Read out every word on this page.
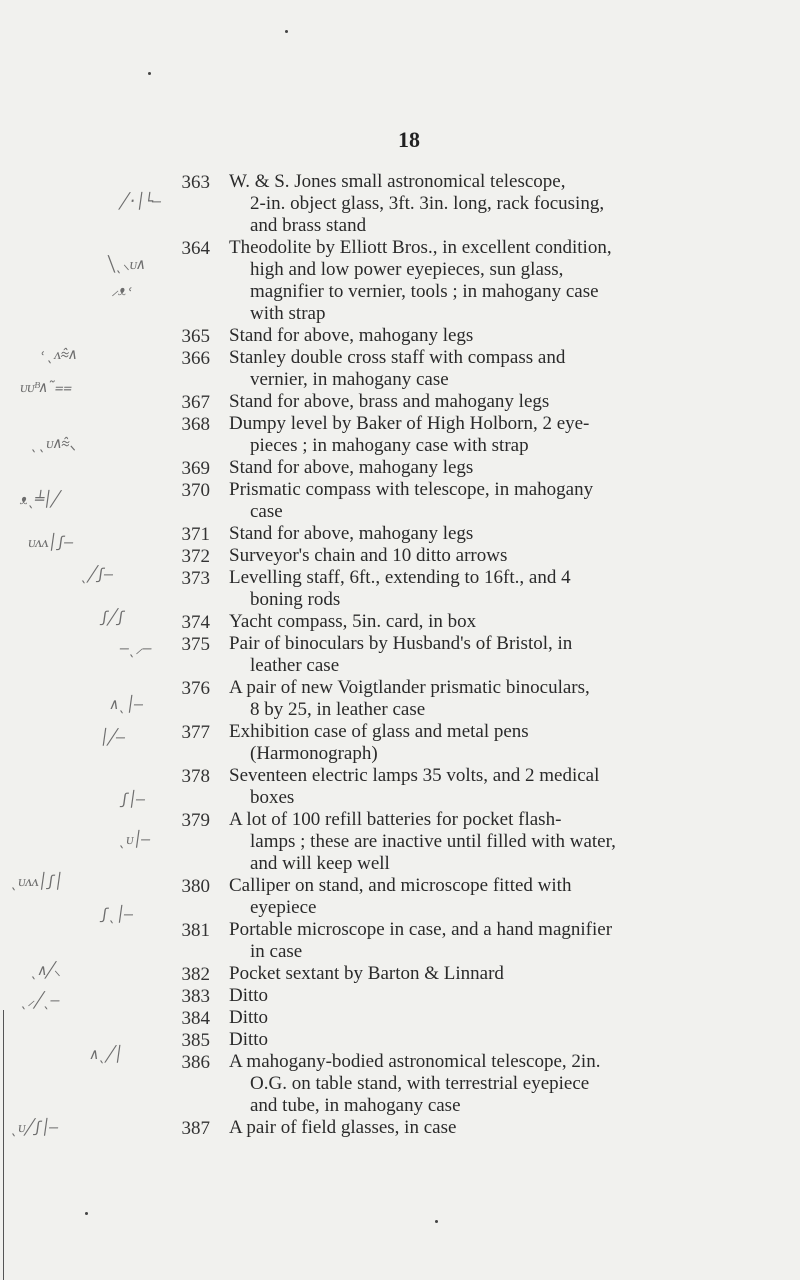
18
363
364
365
366
367
368
369
370
371
372
373
374
375
376
377
378
379
380
381
382
383
384
385
386
387
W. & S. Jones small astronomical telescope,
2-in. object glass, 3ft. 3in. long, rack focusing,
and brass stand
Theodolite by Elliott Bros., in excellent condition,
high and low power eyepieces, sun glass,
magnifier to vernier, tools ; in mahogany case
with strap
Stand for above, mahogany legs
Stanley double cross staff with compass and
vernier, in mahogany case
Stand for above, brass and mahogany legs
Dumpy level by Baker of High Holborn, 2 eye-
pieces ; in mahogany case with strap
Stand for above, mahogany legs
Prismatic compass with telescope, in mahogany
case
Stand for above, mahogany legs
Surveyor's chain and 10 ditto arrows
Levelling staff, 6ft., extending to 16ft., and 4
boning rods
Yacht compass, 5in. card, in box
Pair of binoculars by Husband's of Bristol, in
leather case
A pair of new Voigtlander prismatic binoculars,
8 by 25, in leather case
Exhibition case of glass and metal pens
(Harmonograph)
Seventeen electric lamps 35 volts, and 2 medical
boxes
A lot of 100 refill batteries for pocket flash-
lamps ; these are inactive until filled with water,
and will keep well
Calliper on stand, and microscope fitted with
eyepiece
Portable microscope in case, and a hand magnifier
in case
Pocket sextant by Barton & Linnard
Ditto
Ditto
Ditto
A mahogany-bodied astronomical telescope, 2in.
O.G. on table stand, with terrestrial eyepiece
and tube, in mahogany case
A pair of field glasses, in case
╱·│└‒
╲ˎ⸜ᴜ∧
⸝ᴥ˓
˓ˎᴧ⩯∧
ᴜᴜᴯ∧˜⩵
ˎˎᴜ∧⩯⸜
ᴥˎ╧│╱
ᴜᴧᴧ│ʃ‒
ˎ╱ʃ‒
ʃ╱ʃ
‒ˎ⸝‒
∧ˎ│‒
│╱‒
ʃ│‒
ˎᴜ│‒
ˎᴜᴧᴧ│ʃ│
ʃˎ│‒
ˎ∧╱⸜
ˎ⸝╱ˎ‒
∧ˎ╱│
ˎᴜ╱ʃ│‒
